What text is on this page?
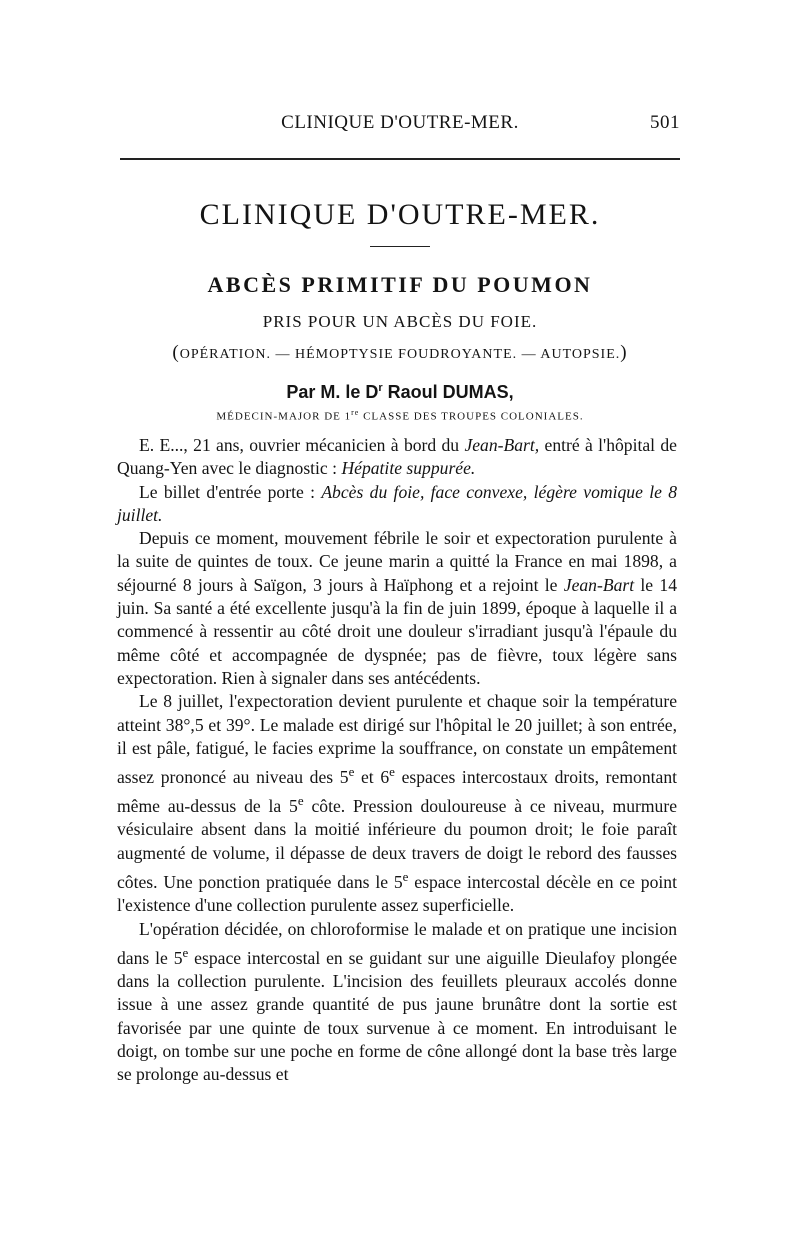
CLINIQUE D'OUTRE-MER.	501
CLINIQUE D'OUTRE-MER.
ABCÈS PRIMITIF DU POUMON
PRIS POUR UN ABCÈS DU FOIE.
(OPÉRATION. — HÉMOPTYSIE FOUDROYANTE. — AUTOPSIE.)
Par M. le $D^r$ Raoul DUMAS,
MÉDECIN-MAJOR DE 1re CLASSE DES TROUPES COLONIALES.

E. E..., 21 ans, ouvrier mécanicien à bord du Jean-Bart, entré à l'hôpital de Quang-Yen avec le diagnostic : Hépatite suppurée.

Le billet d'entrée porte : Abcès du foie, face convexe, légère vomique le 8 juillet.

Depuis ce moment, mouvement fébrile le soir et expectoration purulente à la suite de quintes de toux. Ce jeune marin a quitté la France en mai 1898, a séjourné 8 jours à Saïgon, 3 jours à Haïphong et a rejoint le Jean-Bart le 14 juin. Sa santé a été excellente jusqu'à la fin de juin 1899, époque à laquelle il a commencé à ressentir au côté droit une douleur s'irradiant jusqu'à l'épaule du même côté et accompagnée de dyspnée; pas de fièvre, toux légère sans expectoration. Rien à signaler dans ses antécédents.

Le 8 juillet, l'expectoration devient purulente et chaque soir la température atteint 38°,5 et 39°. Le malade est dirigé sur l'hôpital le 20 juillet; à son entrée, il est pâle, fatigué, le facies exprime la souffrance, on constate un empâtement assez prononcé au niveau des 5e et 6e espaces intercostaux droits, remontant même au-dessus de la 5e côte. Pression douloureuse à ce niveau, murmure vésiculaire absent dans la moitié inférieure du poumon droit; le foie paraît augmenté de volume, il dépasse de deux travers de doigt le rebord des fausses côtes. Une ponction pratiquée dans le 5e espace intercostal décèle en ce point l'existence d'une collection purulente assez superficielle.

L'opération décidée, on chloroformise le malade et on pratique une incision dans le 5e espace intercostal en se guidant sur une aiguille Dieulafoy plongée dans la collection purulente. L'incision des feuillets pleuraux accolés donne issue à une assez grande quantité de pus jaune brunâtre dont la sortie est favorisée par une quinte de toux survenue à ce moment. En introduisant le doigt, on tombe sur une poche en forme de cône allongé dont la base très large se prolonge au-dessus et
